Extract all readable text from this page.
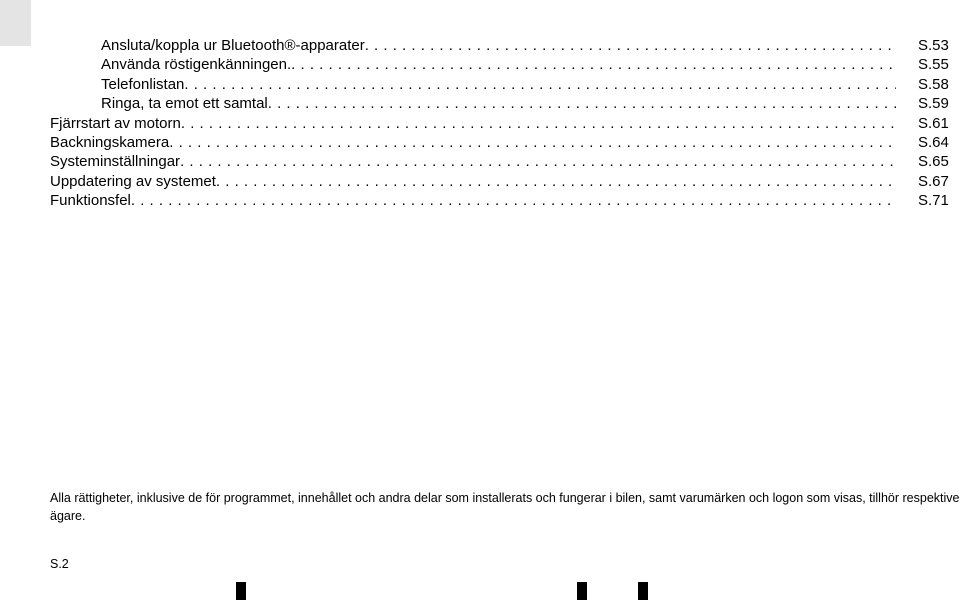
Ansluta/koppla ur Bluetooth®-apparater . . .	S.53
Använda röstigenkänningen. . . .	S.55
Telefonlistan . . .	S.58
Ringa, ta emot ett samtal . . .	S.59
Fjärrstart av motorn . . .	S.61
Backningskamera . . .	S.64
Systeminställningar . . .	S.65
Uppdatering av systemet . . .	S.67
Funktionsfel . . .	S.71
Alla rättigheter, inklusive de för programmet, innehållet och andra delar som installerats och fungerar i bilen, samt varumärken och logon som visas, tillhör respektive ägare.
S.2
